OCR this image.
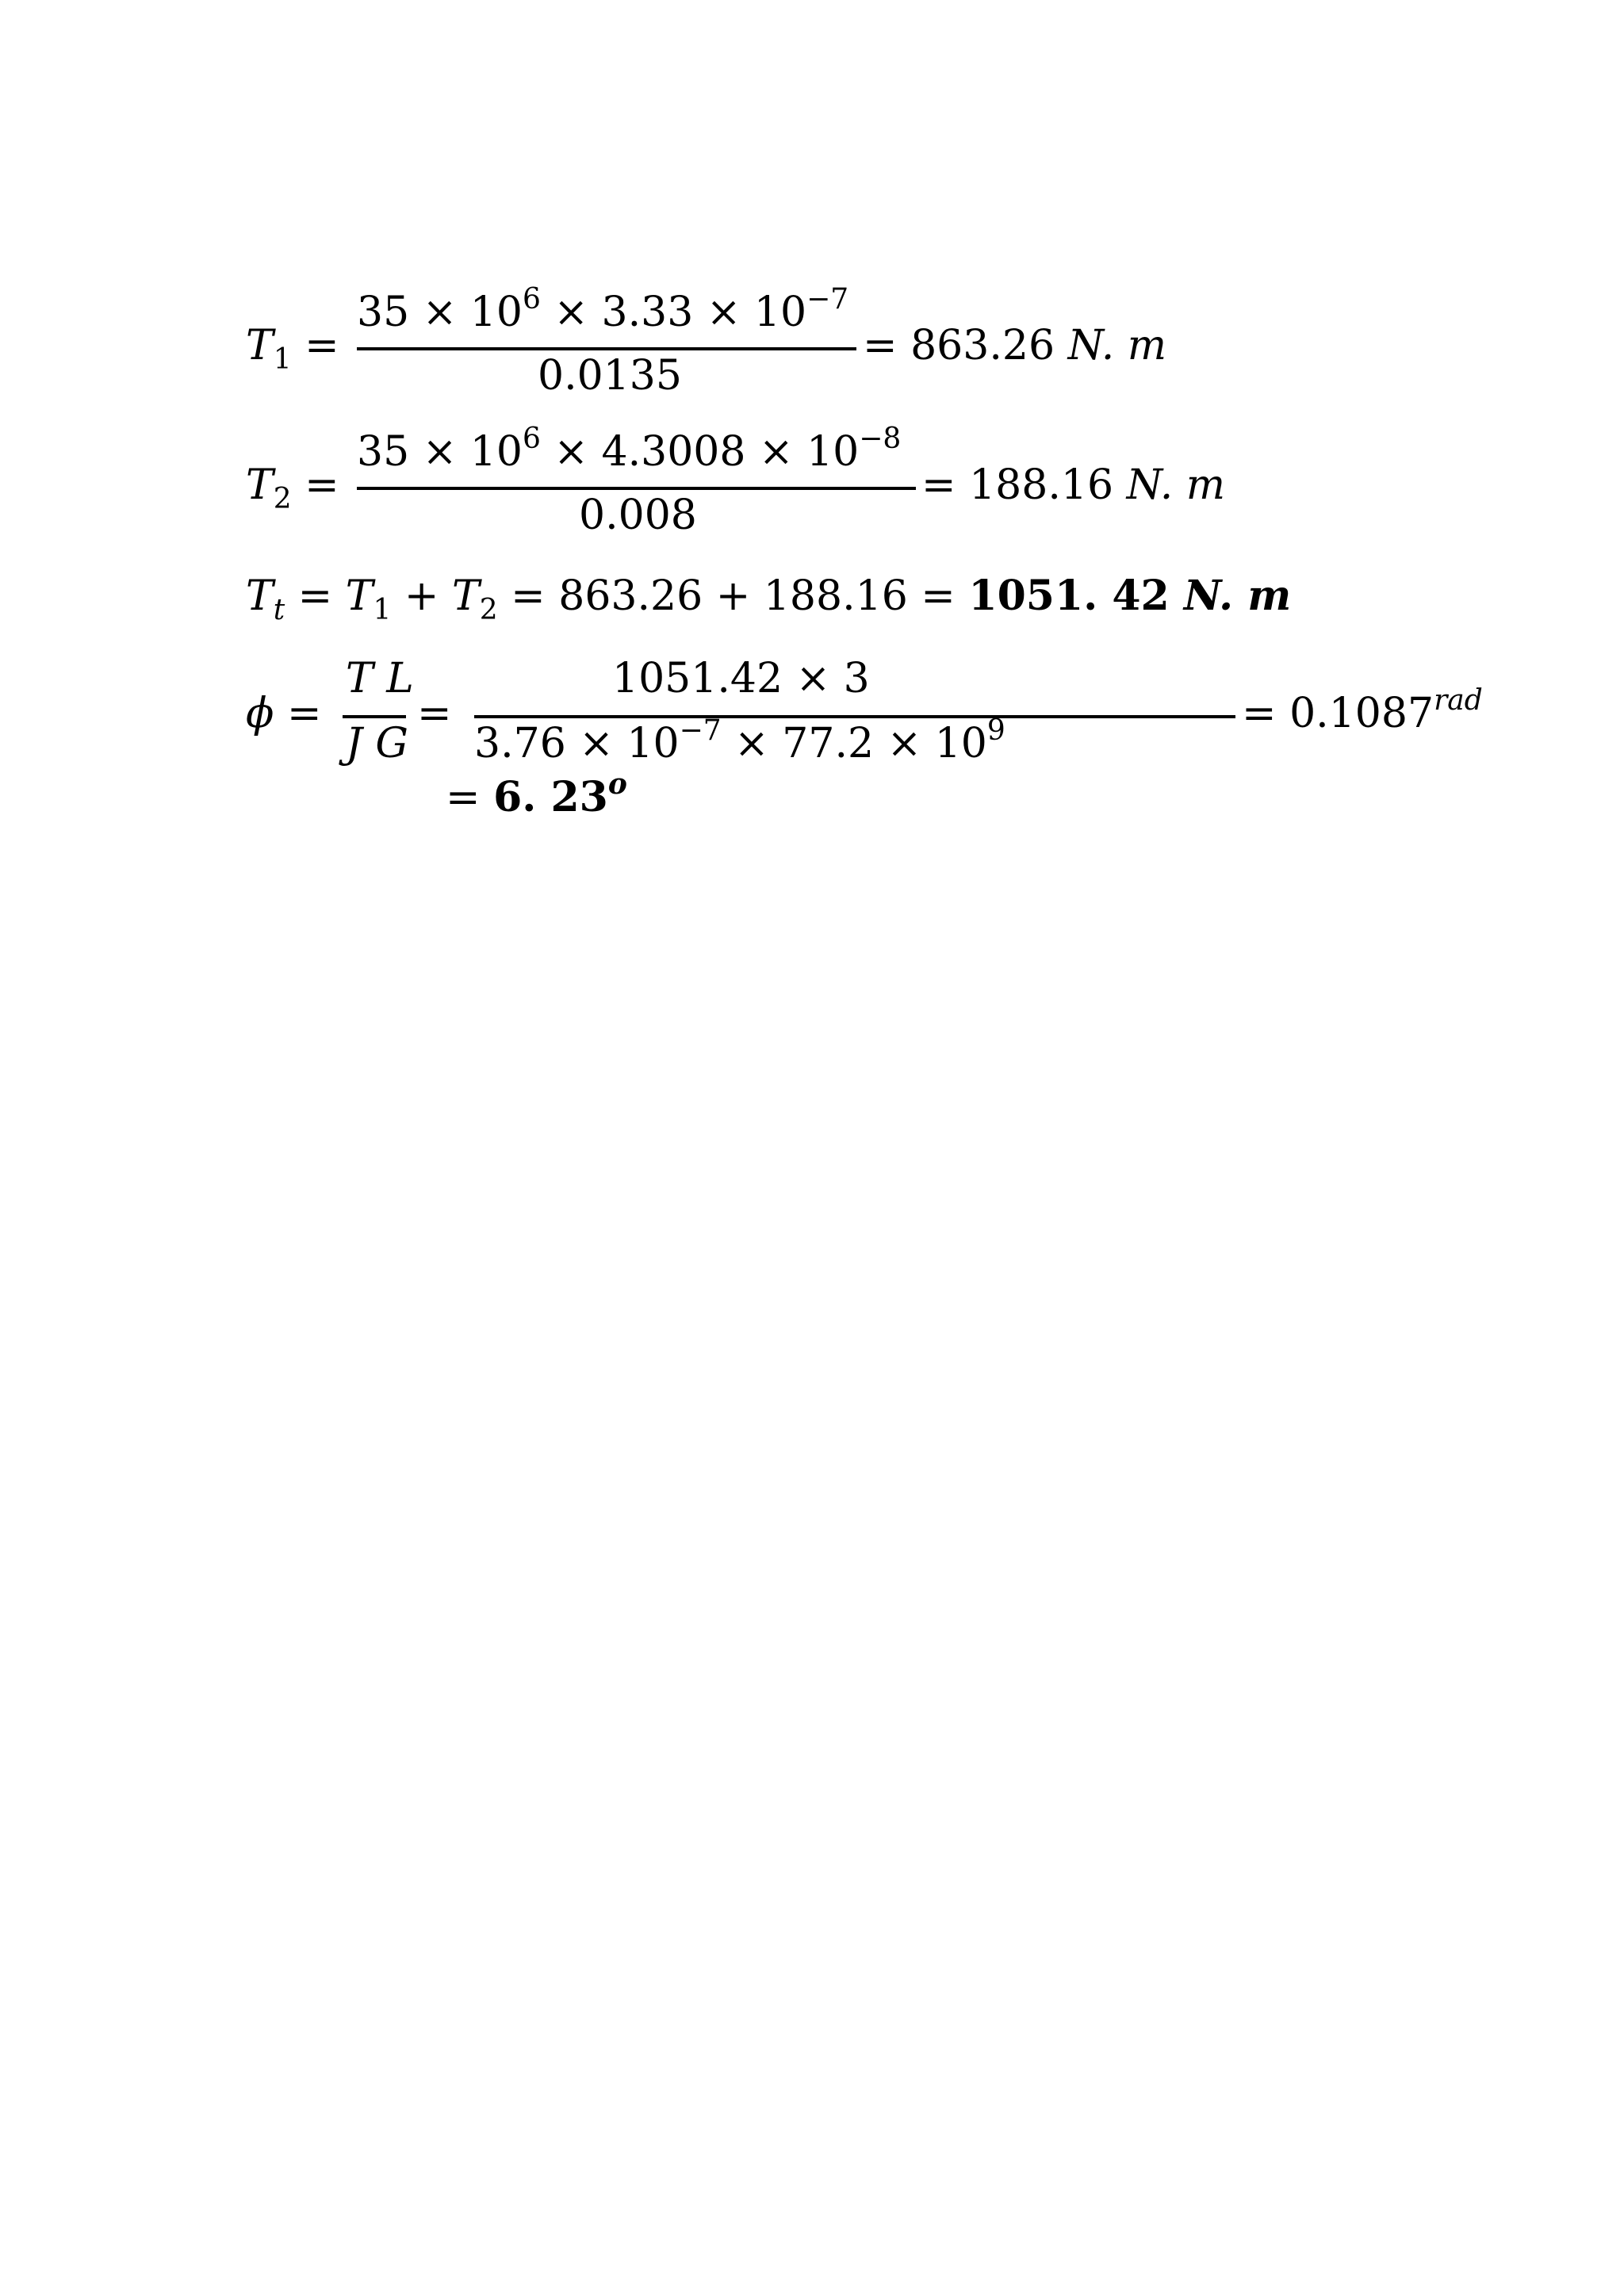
$T_1$ =
$35 \times 10^6 \times 3.33 \times 10^{-7}$
0.0135
= 863.26 N. m
$T_2$ =
$35 \times 10^6 \times 4.3008 \times 10^{-8}$
0.008
= 188.16 N. m
$T_t = T_1 + T_2 = 863.26 + 188.16 = 1051$. 42 N. m
ϕ =
T L
J G
=
1051.42 × 3
$3.76 \times 10^{-7} \times 77.2 \times 10^9$	= $0.1087^{rad}$
= 6. 23$^o$
